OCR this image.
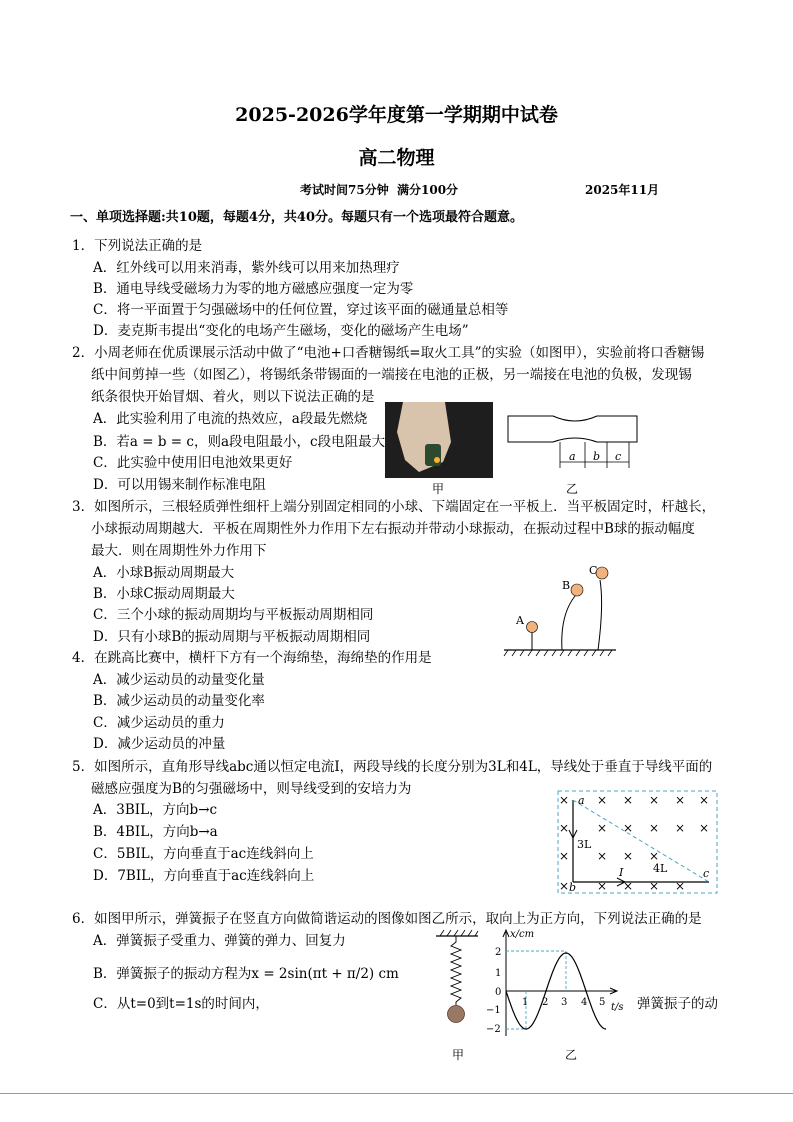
2025-2026学年度第一学期期中试卷
高二物理
考试时间75分钟 满分100分	2025年11月
一、单项选择题:共10题，每题4分，共40分。每题只有一个选项最符合题意。
1．下列说法正确的是
A．红外线可以用来消毒，紫外线可以用来加热理疗
B．通电导线受磁场力为零的地方磁感应强度一定为零
C．将一平面置于匀强磁场中的任何位置，穿过该平面的磁通量总相等
D．麦克斯韦提出“变化的电场产生磁场，变化的磁场产生电场”
2．小周老师在优质课展示活动中做了“电池+口香糖锡纸=取火工具”的实验（如图甲），实验前将口香糖锡
纸中间剪掉一些（如图乙），将锡纸条带锡面的一端接在电池的正极，另一端接在电池的负极，发现锡
纸条很快开始冒烟、着火，则以下说法正确的是
A．此实验利用了电流的热效应，a段最先燃烧
B．若a = b = c，则a段电阻最小，c段电阻最大
C．此实验中使用旧电池效果更好
D．可以用锡来制作标准电阻	甲
a b c
乙
3．如图所示，三根轻质弹性细杆上端分别固定相同的小球、下端固定在一平板上．当平板固定时，杆越长，
小球振动周期越大．平板在周期性外力作用下左右振动并带动小球振动，在振动过程中B球的振动幅度
最大．则在周期性外力作用下
A．小球B振动周期最大
B．小球C振动周期最大
C．三个小球的振动周期均与平板振动周期相同
D．只有小球B的振动周期与平板振动周期相同
A
B
C
4．在跳高比赛中，横杆下方有一个海绵垫，海绵垫的作用是
A．减少运动员的动量变化量
B．减少运动员的动量变化率
C．减少运动员的重力
D．减少运动员的冲量
5．如图所示，直角形导线abc通以恒定电流I，两段导线的长度分别为3L和4L，导线处于垂直于导线平面的
磁感应强度为B的匀强磁场中，则导线受到的安培力为
A．3BIL，方向b→c
B．4BIL，方向b→a
C．5BIL，方向垂直于ac连线斜向上
D．7BIL，方向垂直于ac连线斜向上
× × × × ×
× × × × ×
× × ×
×
×
×
× × × × ×
a
b
c
3L
4L
I
6．如图甲所示，弹簧振子在竖直方向做简谐运动的图像如图乙所示，取向上为正方向，下列说法正确的是
A．弹簧振子受重力、弹簧的弹力、回复力
B．弹簧振子的振动方程为x = 2sin(πt + π/2) cm
C．从t=0到t=1s的时间内，	弹簧振子的动
甲
x/cm
t/s
2
1
0
−1
−2
1 2 3 4 5
乙
